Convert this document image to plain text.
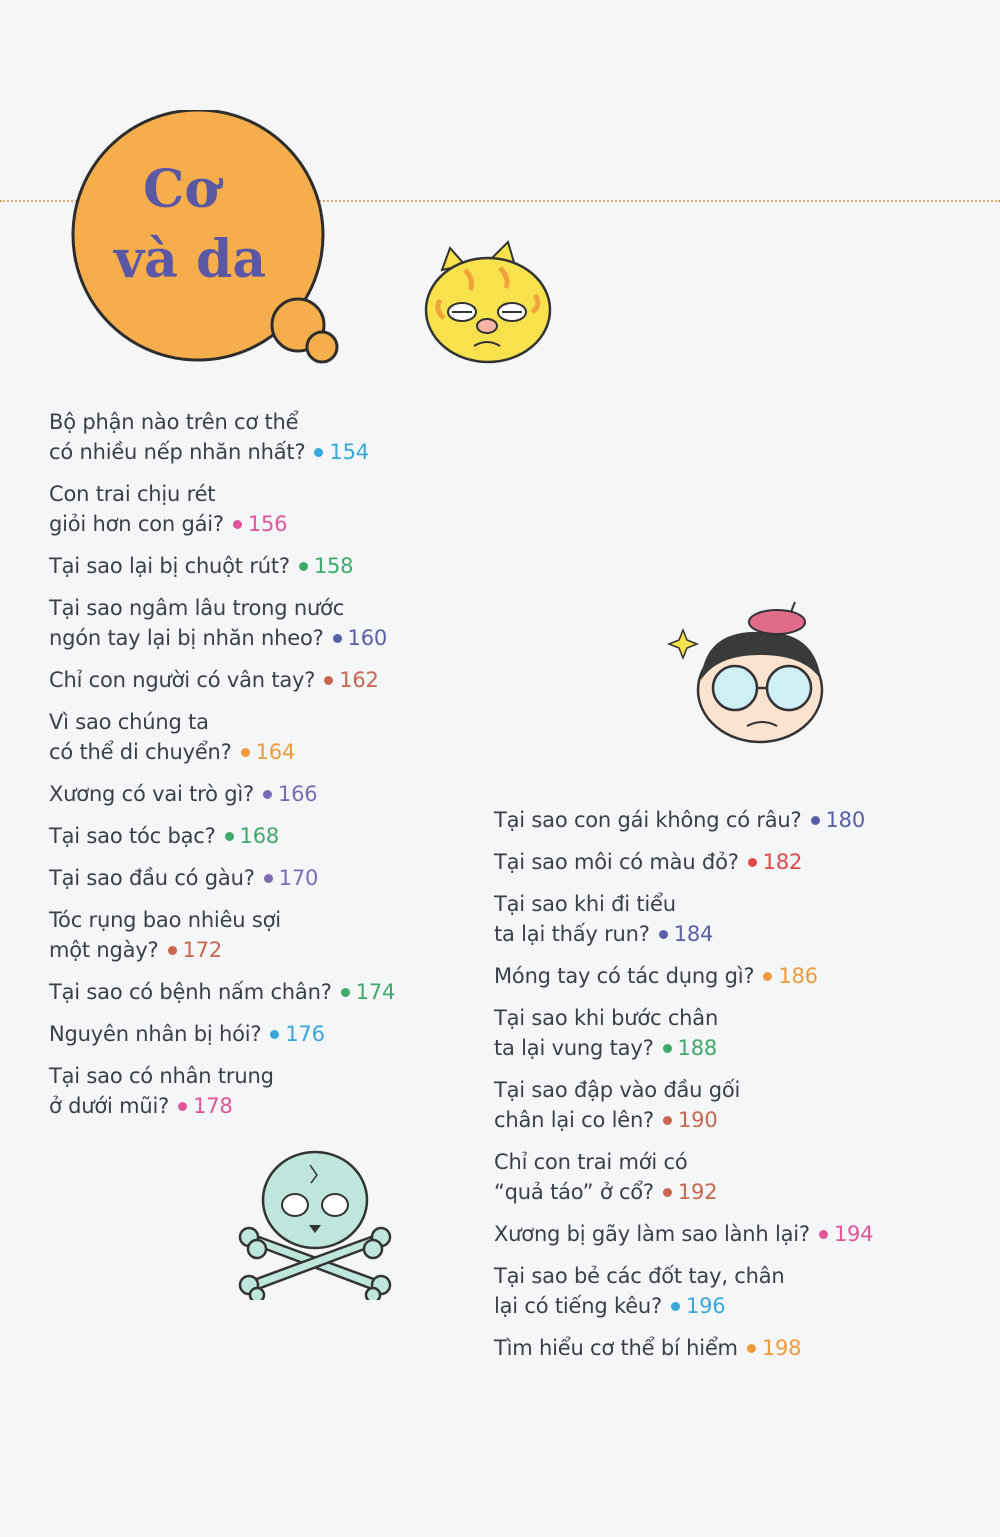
Cơ
và da
Bộ phận nào trên cơ thể
có nhiều nếp nhăn nhất? 154
Con trai chịu rét
giỏi hơn con gái? 156
Tại sao lại bị chuột rút? 158
Tại sao ngâm lâu trong nước
ngón tay lại bị nhăn nheo? 160
Chỉ con người có vân tay? 162
Vì sao chúng ta
có thể di chuyển? 164
Xương có vai trò gì? 166
Tại sao tóc bạc? 168
Tại sao đầu có gàu? 170
Tóc rụng bao nhiêu sợi
một ngày? 172
Tại sao có bệnh nấm chân? 174
Nguyên nhân bị hói? 176
Tại sao có nhân trung
ở dưới mũi? 178
Tại sao con gái không có râu? 180
Tại sao môi có màu đỏ? 182
Tại sao khi đi tiểu
ta lại thấy run? 184
Móng tay có tác dụng gì? 186
Tại sao khi bước chân
ta lại vung tay? 188
Tại sao đập vào đầu gối
chân lại co lên? 190
Chỉ con trai mới có
“quả táo” ở cổ? 192
Xương bị gãy làm sao lành lại? 194
Tại sao bẻ các đốt tay, chân
lại có tiếng kêu? 196
Tìm hiểu cơ thể bí hiểm 198
